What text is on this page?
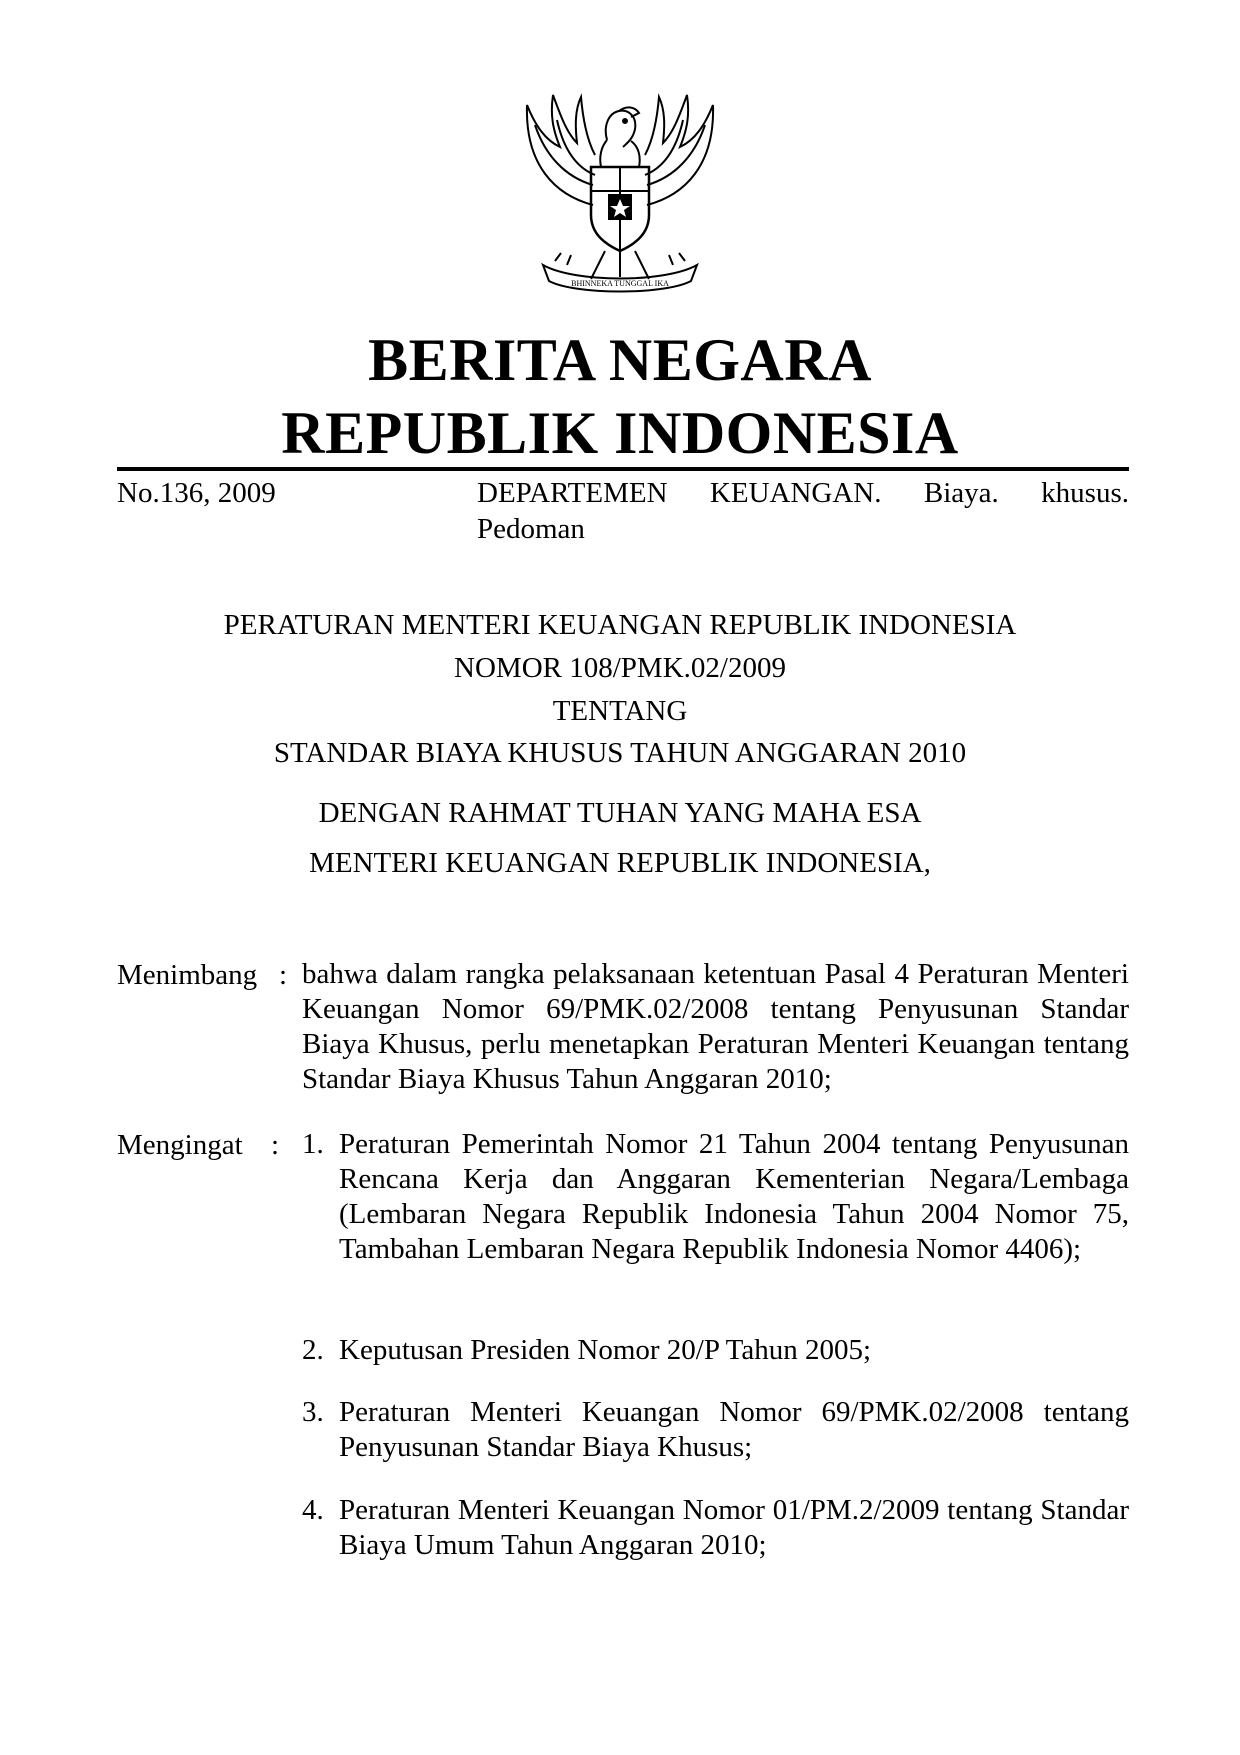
BHINNEKA TUNGGAL IKA
BERITA NEGARA
REPUBLIK INDONESIA
No.136, 2009	DEPARTEMEN KEUANGAN. Biaya. khusus.
Pedoman
PERATURAN MENTERI KEUANGAN REPUBLIK INDONESIA
NOMOR 108/PMK.02/2009
TENTANG
STANDAR BIAYA KHUSUS TAHUN ANGGARAN 2010
DENGAN RAHMAT TUHAN YANG MAHA ESA
MENTERI KEUANGAN REPUBLIK INDONESIA,
Menimbang : bahwa dalam rangka pelaksanaan ketentuan Pasal 4 Peraturan Menteri Keuangan Nomor 69/PMK.02/2008 tentang Penyusunan Standar Biaya Khusus, perlu menetapkan Peraturan Menteri Keuangan tentang Standar Biaya Khusus Tahun Anggaran 2010;
Mengingat : 1. Peraturan Pemerintah Nomor 21 Tahun 2004 tentang Penyusunan Rencana Kerja dan Anggaran Kementerian Negara/Lembaga (Lembaran Negara Republik Indonesia Tahun 2004 Nomor 75, Tambahan Lembaran Negara Republik Indonesia Nomor 4406);
2. Keputusan Presiden Nomor 20/P Tahun 2005;
3. Peraturan Menteri Keuangan Nomor 69/PMK.02/2008 tentang Penyusunan Standar Biaya Khusus;
4. Peraturan Menteri Keuangan Nomor 01/PM.2/2009 tentang Standar Biaya Umum Tahun Anggaran 2010;
